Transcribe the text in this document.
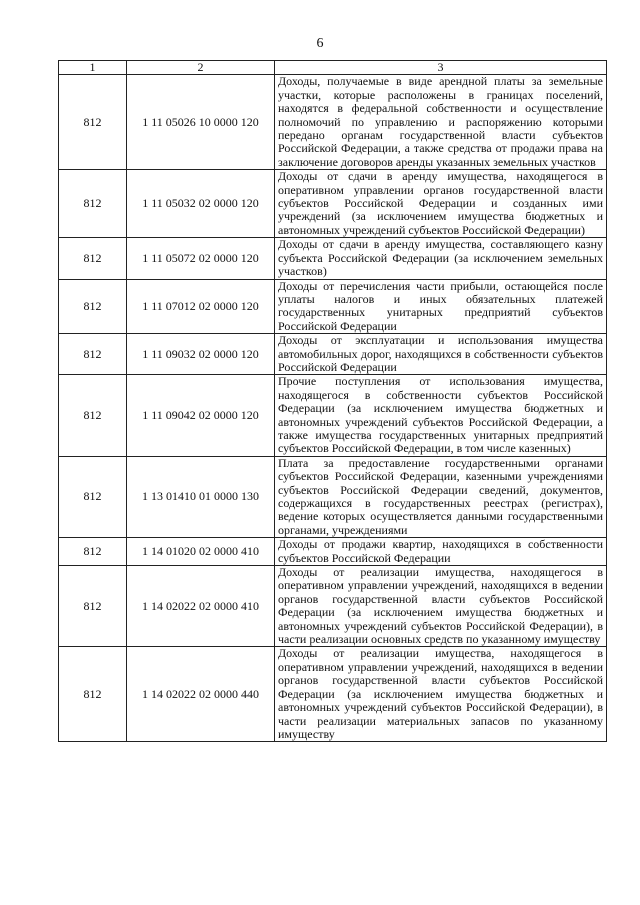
6
1	2	3
812	1 11 05026 10 0000 120	Доходы, получаемые в виде арендной платы за земельные участки, которые расположены в границах поселений, находятся в федеральной собственности и осуществление полномочий по управлению и распоряжению которыми передано органам государственной власти субъектов Российской Федерации, а также средства от продажи права на заключение договоров аренды указанных земельных участков
812	1 11 05032 02 0000 120	Доходы от сдачи в аренду имущества, находящегося в оперативном управлении органов государственной власти субъектов Российской Федерации и созданных ими учреждений (за исключением имущества бюджетных и автономных учреждений субъектов Российской Федерации)
812	1 11 05072 02 0000 120	Доходы от сдачи в аренду имущества, составляющего казну субъекта Российской Федерации (за исключением земельных участков)
812	1 11 07012 02 0000 120	Доходы от перечисления части прибыли, остающейся после уплаты налогов и иных обязательных платежей государственных унитарных предприятий субъектов Российской Федерации
812	1 11 09032 02 0000 120	Доходы от эксплуатации и использования имущества автомобильных дорог, находящихся в собственности субъектов Российской Федерации
812	1 11 09042 02 0000 120	Прочие поступления от использования имущества, находящегося в собственности субъектов Российской Федерации (за исключением имущества бюджетных и автономных учреждений субъектов Российской Федерации, а также имущества государственных унитарных предприятий субъектов Российской Федерации, в том числе казенных)
812	1 13 01410 01 0000 130	Плата за предоставление государственными органами субъектов Российской Федерации, казенными учреждениями субъектов Российской Федерации сведений, документов, содержащихся в государственных реестрах (регистрах), ведение которых осуществляется данными государственными органами, учреждениями
812	1 14 01020 02 0000 410	Доходы от продажи квартир, находящихся в собственности субъектов Российской Федерации
812	1 14 02022 02 0000 410	Доходы от реализации имущества, находящегося в оперативном управлении учреждений, находящихся в ведении органов государственной власти субъектов Российской Федерации (за исключением имущества бюджетных и автономных учреждений субъектов Российской Федерации), в части реализации основных средств по указанному имуществу
812	1 14 02022 02 0000 440	Доходы от реализации имущества, находящегося в оперативном управлении учреждений, находящихся в ведении органов государственной власти субъектов Российской Федерации (за исключением имущества бюджетных и автономных учреждений субъектов Российской Федерации), в части реализации материальных запасов по указанному имуществу
